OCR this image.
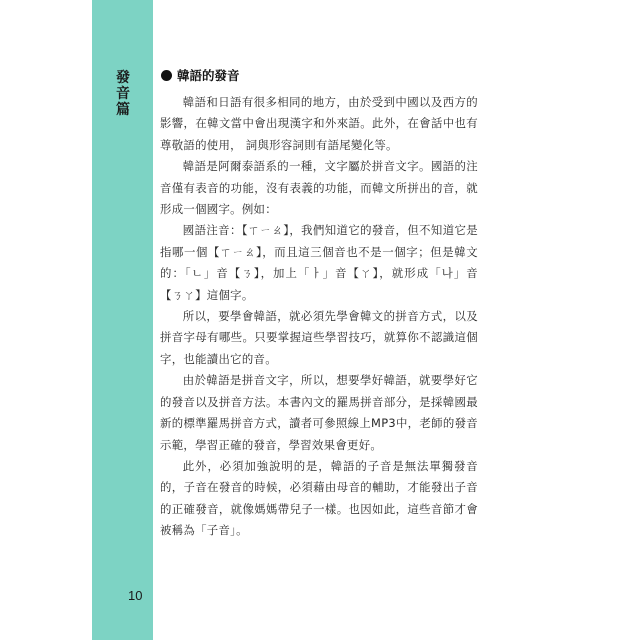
發音篇
韓語的發音

韓語和日語有很多相同的地方，由於受到中國以及西方的影響，在韓文當中會出現漢字和外來語。此外，在會話中也有尊敬語的使用， 詞與形容詞則有語尾變化等。

韓語是阿爾泰語系的一種，文字屬於拼音文字。國語的注音僅有表音的功能，沒有表義的功能，而韓文所拼出的音，就形成一個國字。例如：

國語注音：【ㄒㄧㄠ】，我們知道它的發音，但不知道它是指哪一個【ㄒㄧㄠ】，而且這三個音也不是一個字；但是韓文的：「ㄴ」音【ㄋ】，加上「ㅏ」音【ㄚ】，就形成「나」音【ㄋㄚ】這個字。

所以，要學會韓語，就必須先學會韓文的拼音方式，以及拼音字母有哪些。只要掌握這些學習技巧，就算你不認識這個字，也能讀出它的音。

由於韓語是拼音文字，所以，想要學好韓語，就要學好它的發音以及拼音方法。本書內文的羅馬拼音部分，是採韓國最新的標準羅馬拼音方式，讀者可參照線上MP3中，老師的發音示範，學習正確的發音，學習效果會更好。

此外，必須加強說明的是，韓語的子音是無法單獨發音的，子音在發音的時候，必須藉由母音的輔助，才能發出子音的正確發音，就像媽媽帶兒子一樣。也因如此，這些音節才會被稱為「子音」。

10
